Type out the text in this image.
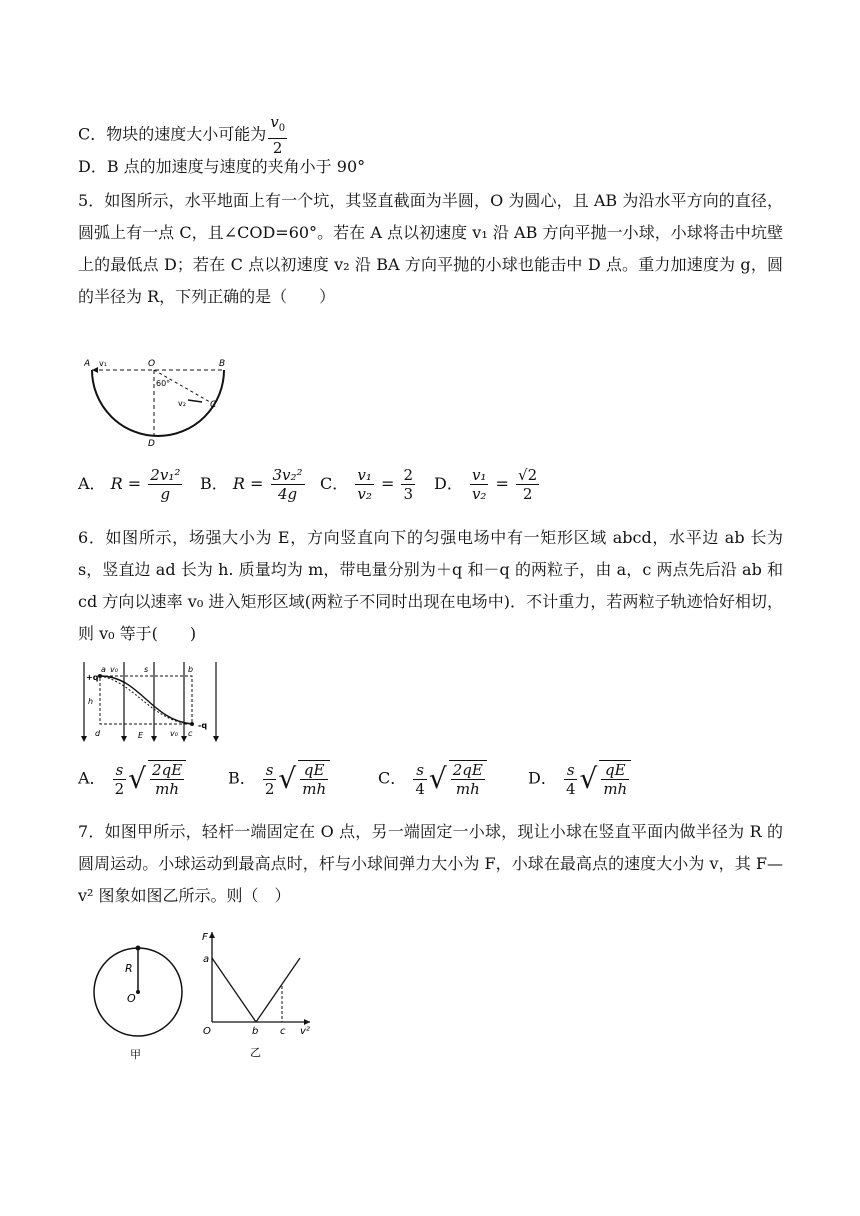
C．物块的速度大小可能为 $\frac{v_0}{2}$
D．B 点的加速度与速度的夹角小于 90°
5．如图所示，水平地面上有一个坑，其竖直截面为半圆，O 为圆心，且 AB 为沿水平方向的直径，圆弧上有一点 C，且∠COD=60°。若在 A 点以初速度 v₁ 沿 AB 方向平抛一小球，小球将击中坑壁上的最低点 D；若在 C 点以初速度 v₂ 沿 BA 方向平抛的小球也能击中 D 点。重力加速度为 g，圆的半径为 R，下列正确的是（　　）
A v₁	O	B
60°
v₂	C
D
A． $R = \frac{\text{2v₁²}}{g}$ B． $R = \frac{\text{3v₂²}}{4g}$ C． $\frac{\text{v₁}}{\text{v₂}} = \frac{2}{3}$ D． $\frac{\text{v₁}}{\text{v₂}} = \frac{√2}{2}$
6．如图所示，场强大小为 E，方向竖直向下的匀强电场中有一矩形区域 abcd，水平边 ab 长为 s，竖直边 ad 长为 h. 质量均为 m，带电量分别为＋q 和－q 的两粒子，由 a，c 两点先后沿 ab 和 cd 方向以速率 v₀ 进入矩形区域(两粒子不同时出现在电场中)．不计重力，若两粒子轨迹恰好相切，则 v₀ 等于(　　)
+q
a v₀	s	b
h
d	E	v₀ c
-q
A． $\frac{s}{2}$ √ $\frac{2qE}{mh}$	B． $\frac{s}{2}$ √ $\frac{qE}{mh}$	C． $\frac{s}{4}$ √ $\frac{2qE}{mh}$	D． $\frac{s}{4}$ √ $\frac{qE}{mh}$
7．如图甲所示，轻杆一端固定在 O 点，另一端固定一小球，现让小球在竖直平面内做半径为 R 的圆周运动。小球运动到最高点时，杆与小球间弹力大小为 F，小球在最高点的速度大小为 v，其 F—v² 图象如图乙所示。则（　）
R
O
甲
F
a
O	b c v²
乙
